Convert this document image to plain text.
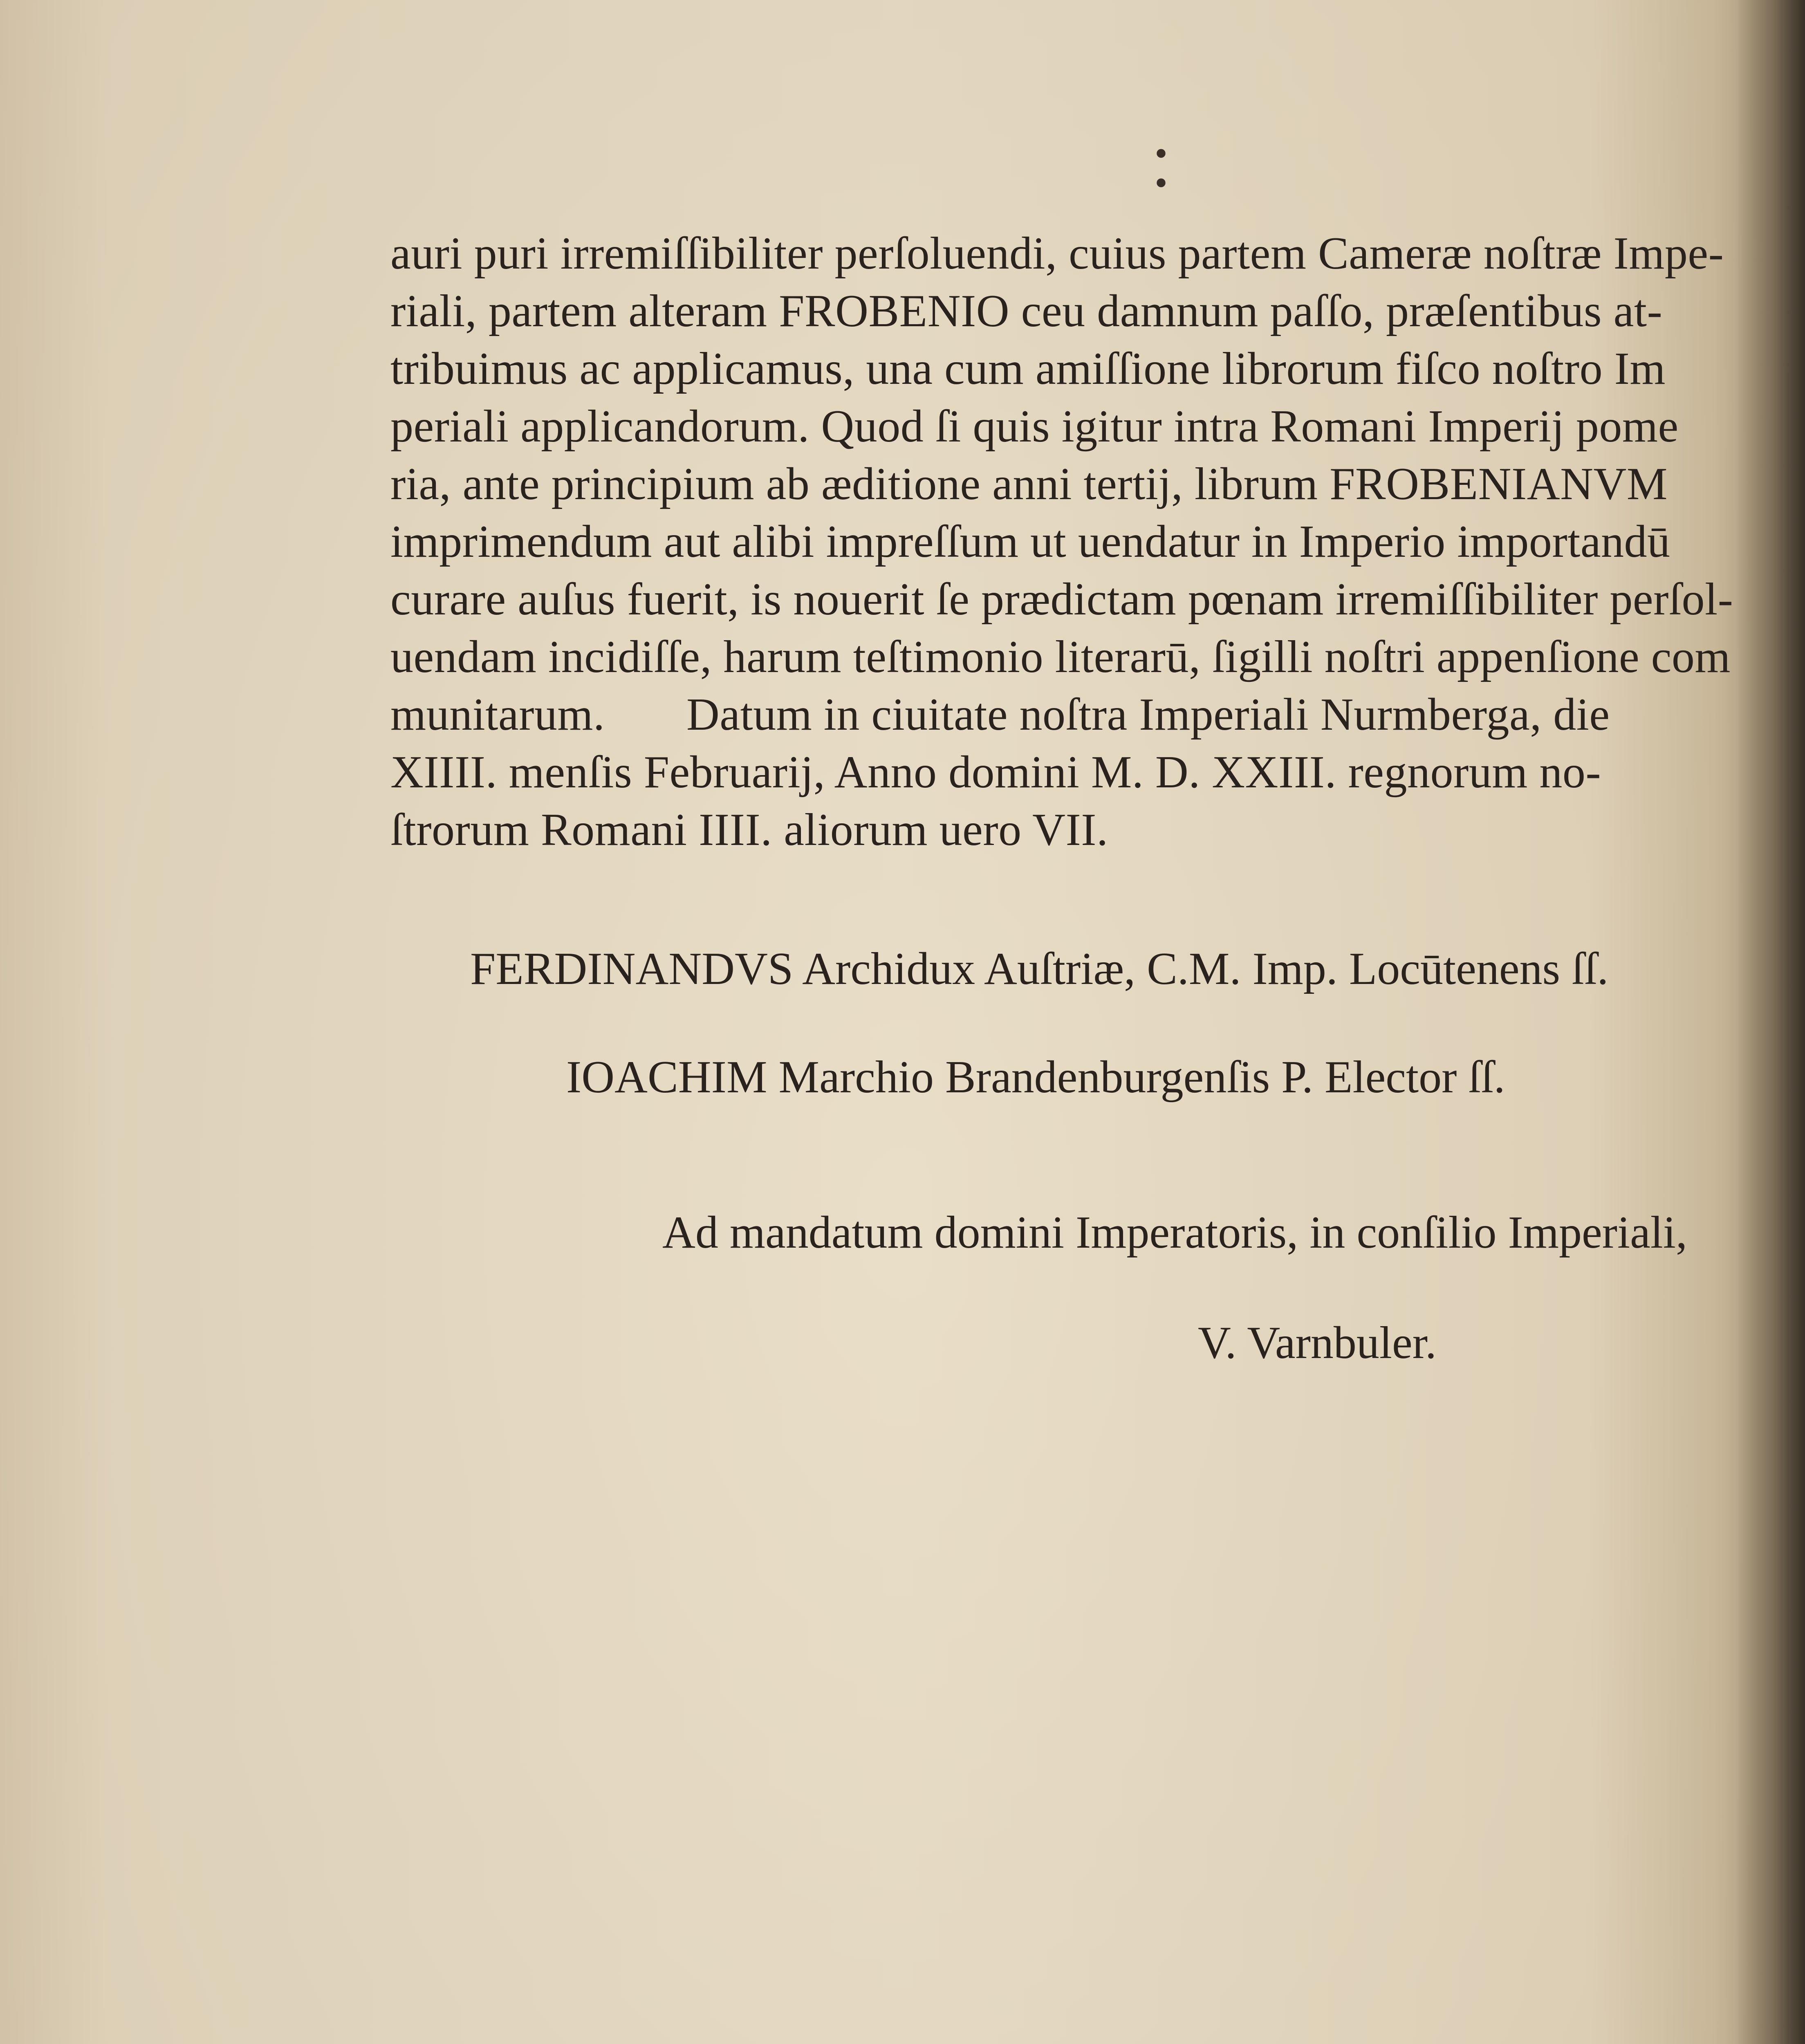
•
•
auri puri irremiſſibiliter perſoluendi, cuius partem Cameræ noſtræ Impe-
riali, partem alteram FROBENIO ceu damnum paſſo, præſentibus at-
tribuimus ac applicamus, una cum amiſſione librorum fiſco noſtro Im
periali applicandorum. Quod ſi quis igitur intra Romani Imperij pome
ria, ante principium ab æditione anni tertij, librum FROBENIANVM
imprimendum aut alibi impreſſum ut uendatur in Imperio importandū
curare auſus fuerit, is nouerit ſe prædictam pœnam irremiſſibiliter perſol-
uendam incidiſſe, harum teſtimonio literarū, ſigilli noſtri appenſione com
munitarum.       Datum in ciuitate noſtra Imperiali Nurmberga, die
XIIII. menſis Februarij, Anno domini M. D. XXIII. regnorum no-
ſtrorum Romani IIII. aliorum uero VII.
FERDINANDVS Archidux Auſtriæ, C.M. Imp. Locūtenens ſſ.
IOACHIM Marchio Brandenburgenſis P. Elector ſſ.
Ad mandatum domini Imperatoris, in conſilio Imperiali,
V. Varnbuler.
